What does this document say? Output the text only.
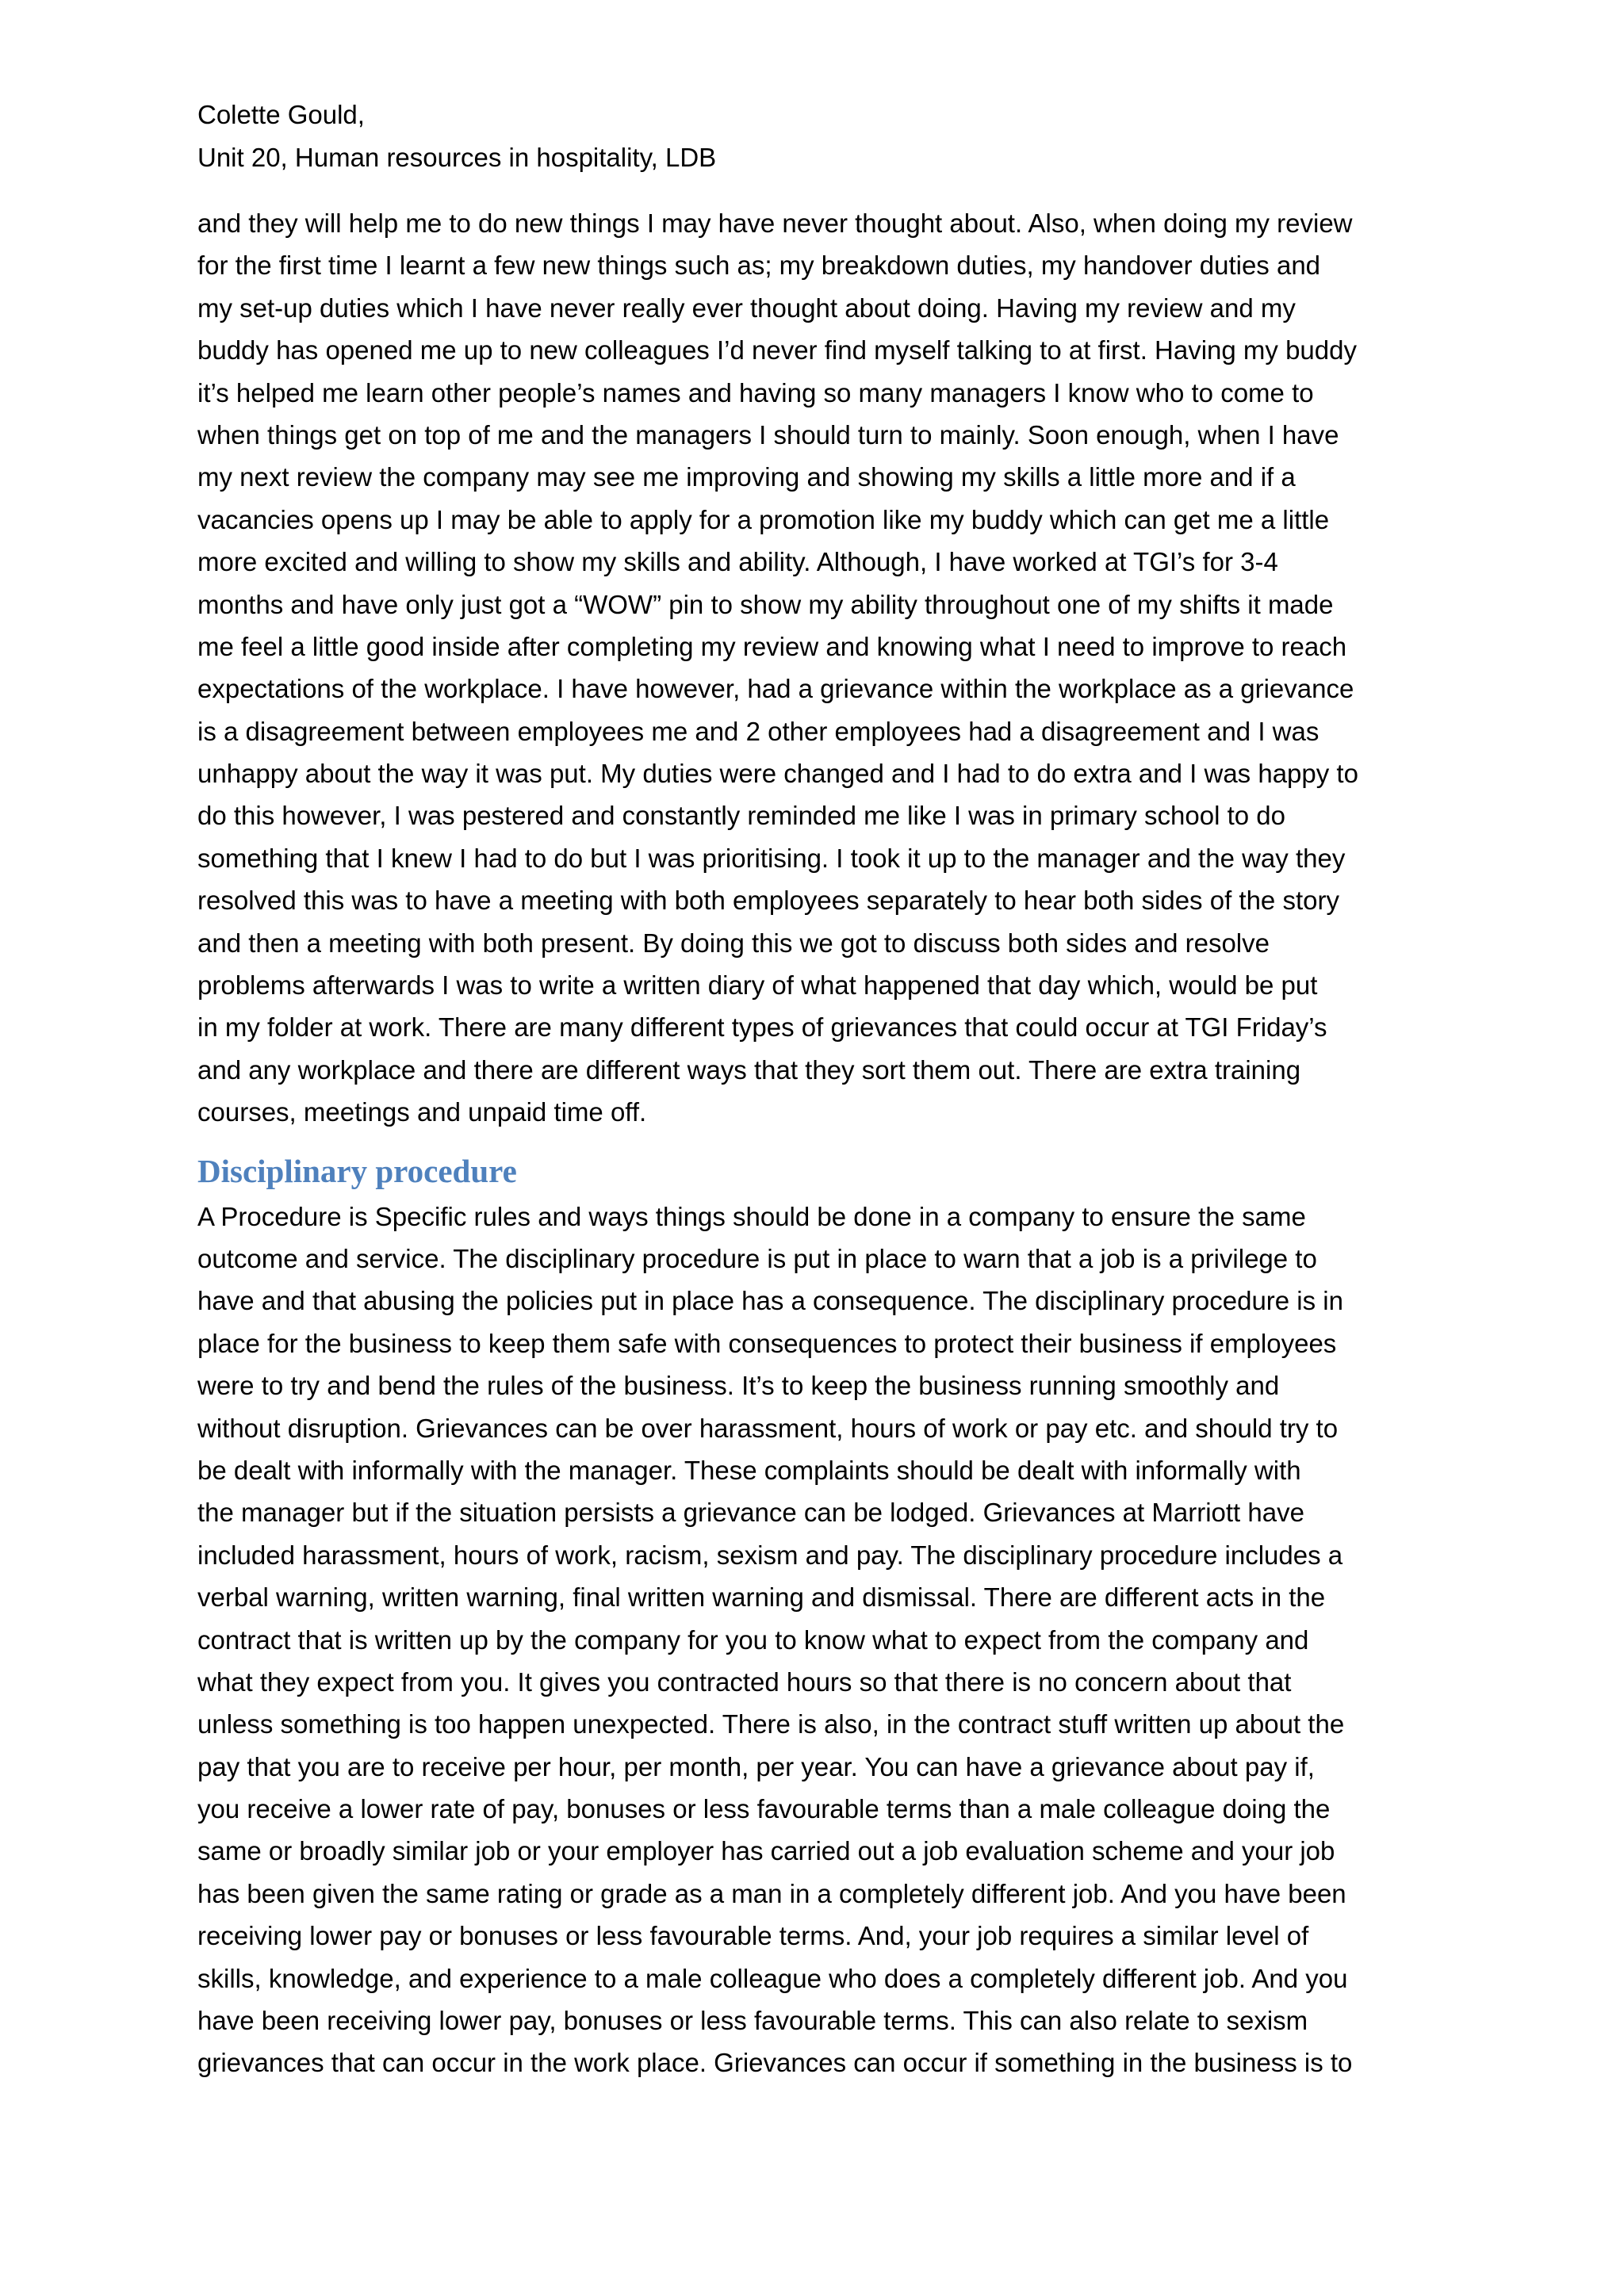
Colette Gould,
Unit 20, Human resources in hospitality, LDB
and they will help me to do new things I may have never thought about. Also, when doing my review
for the first time I learnt a few new things such as; my breakdown duties, my handover duties and
my set-up duties which I have never really ever thought about doing. Having my review and my
buddy has opened me up to new colleagues I’d never find myself talking to at first. Having my buddy
it’s helped me learn other people’s names and having so many managers I know who to come to
when things get on top of me and the managers I should turn to mainly. Soon enough, when I have
my next review the company may see me improving and showing my skills a little more and if a
vacancies opens up I may be able to apply for a promotion like my buddy which can get me a little
more excited and willing to show my skills and ability. Although, I have worked at TGI’s for 3-4
months and have only just got a “WOW” pin to show my ability throughout one of my shifts it made
me feel a little good inside after completing my review and knowing what I need to improve to reach
expectations of the workplace. I have however, had a grievance within the workplace as a grievance
is a disagreement between employees me and 2 other employees had a disagreement and I was
unhappy about the way it was put. My duties were changed and I had to do extra and I was happy to
do this however, I was pestered and constantly reminded me like I was in primary school to do
something that I knew I had to do but I was prioritising. I took it up to the manager and the way they
resolved this was to have a meeting with both employees separately to hear both sides of the story
and then a meeting with both present. By doing this we got to discuss both sides and resolve
problems afterwards I was to write a written diary of what happened that day which, would be put
in my folder at work. There are many different types of grievances that could occur at TGI Friday’s
and any workplace and there are different ways that they sort them out. There are extra training
courses, meetings and unpaid time off.
Disciplinary procedure
A Procedure is Specific rules and ways things should be done in a company to ensure the same
outcome and service. The disciplinary procedure is put in place to warn that a job is a privilege to
have and that abusing the policies put in place has a consequence. The disciplinary procedure is in
place for the business to keep them safe with consequences to protect their business if employees
were to try and bend the rules of the business. It’s to keep the business running smoothly and
without disruption. Grievances can be over harassment, hours of work or pay etc. and should try to
be dealt with informally with the manager. These complaints should be dealt with informally with
the manager but if the situation persists a grievance can be lodged. Grievances at Marriott have
included harassment, hours of work, racism, sexism and pay. The disciplinary procedure includes a
verbal warning, written warning, final written warning and dismissal. There are different acts in the
contract that is written up by the company for you to know what to expect from the company and
what they expect from you. It gives you contracted hours so that there is no concern about that
unless something is too happen unexpected. There is also, in the contract stuff written up about the
pay that you are to receive per hour, per month, per year. You can have a grievance about pay if,
you receive a lower rate of pay, bonuses or less favourable terms than a male colleague doing the
same or broadly similar job or your employer has carried out a job evaluation scheme and your job
has been given the same rating or grade as a man in a completely different job. And you have been
receiving lower pay or bonuses or less favourable terms. And, your job requires a similar level of
skills, knowledge, and experience to a male colleague who does a completely different job. And you
have been receiving lower pay, bonuses or less favourable terms. This can also relate to sexism
grievances that can occur in the work place. Grievances can occur if something in the business is to
